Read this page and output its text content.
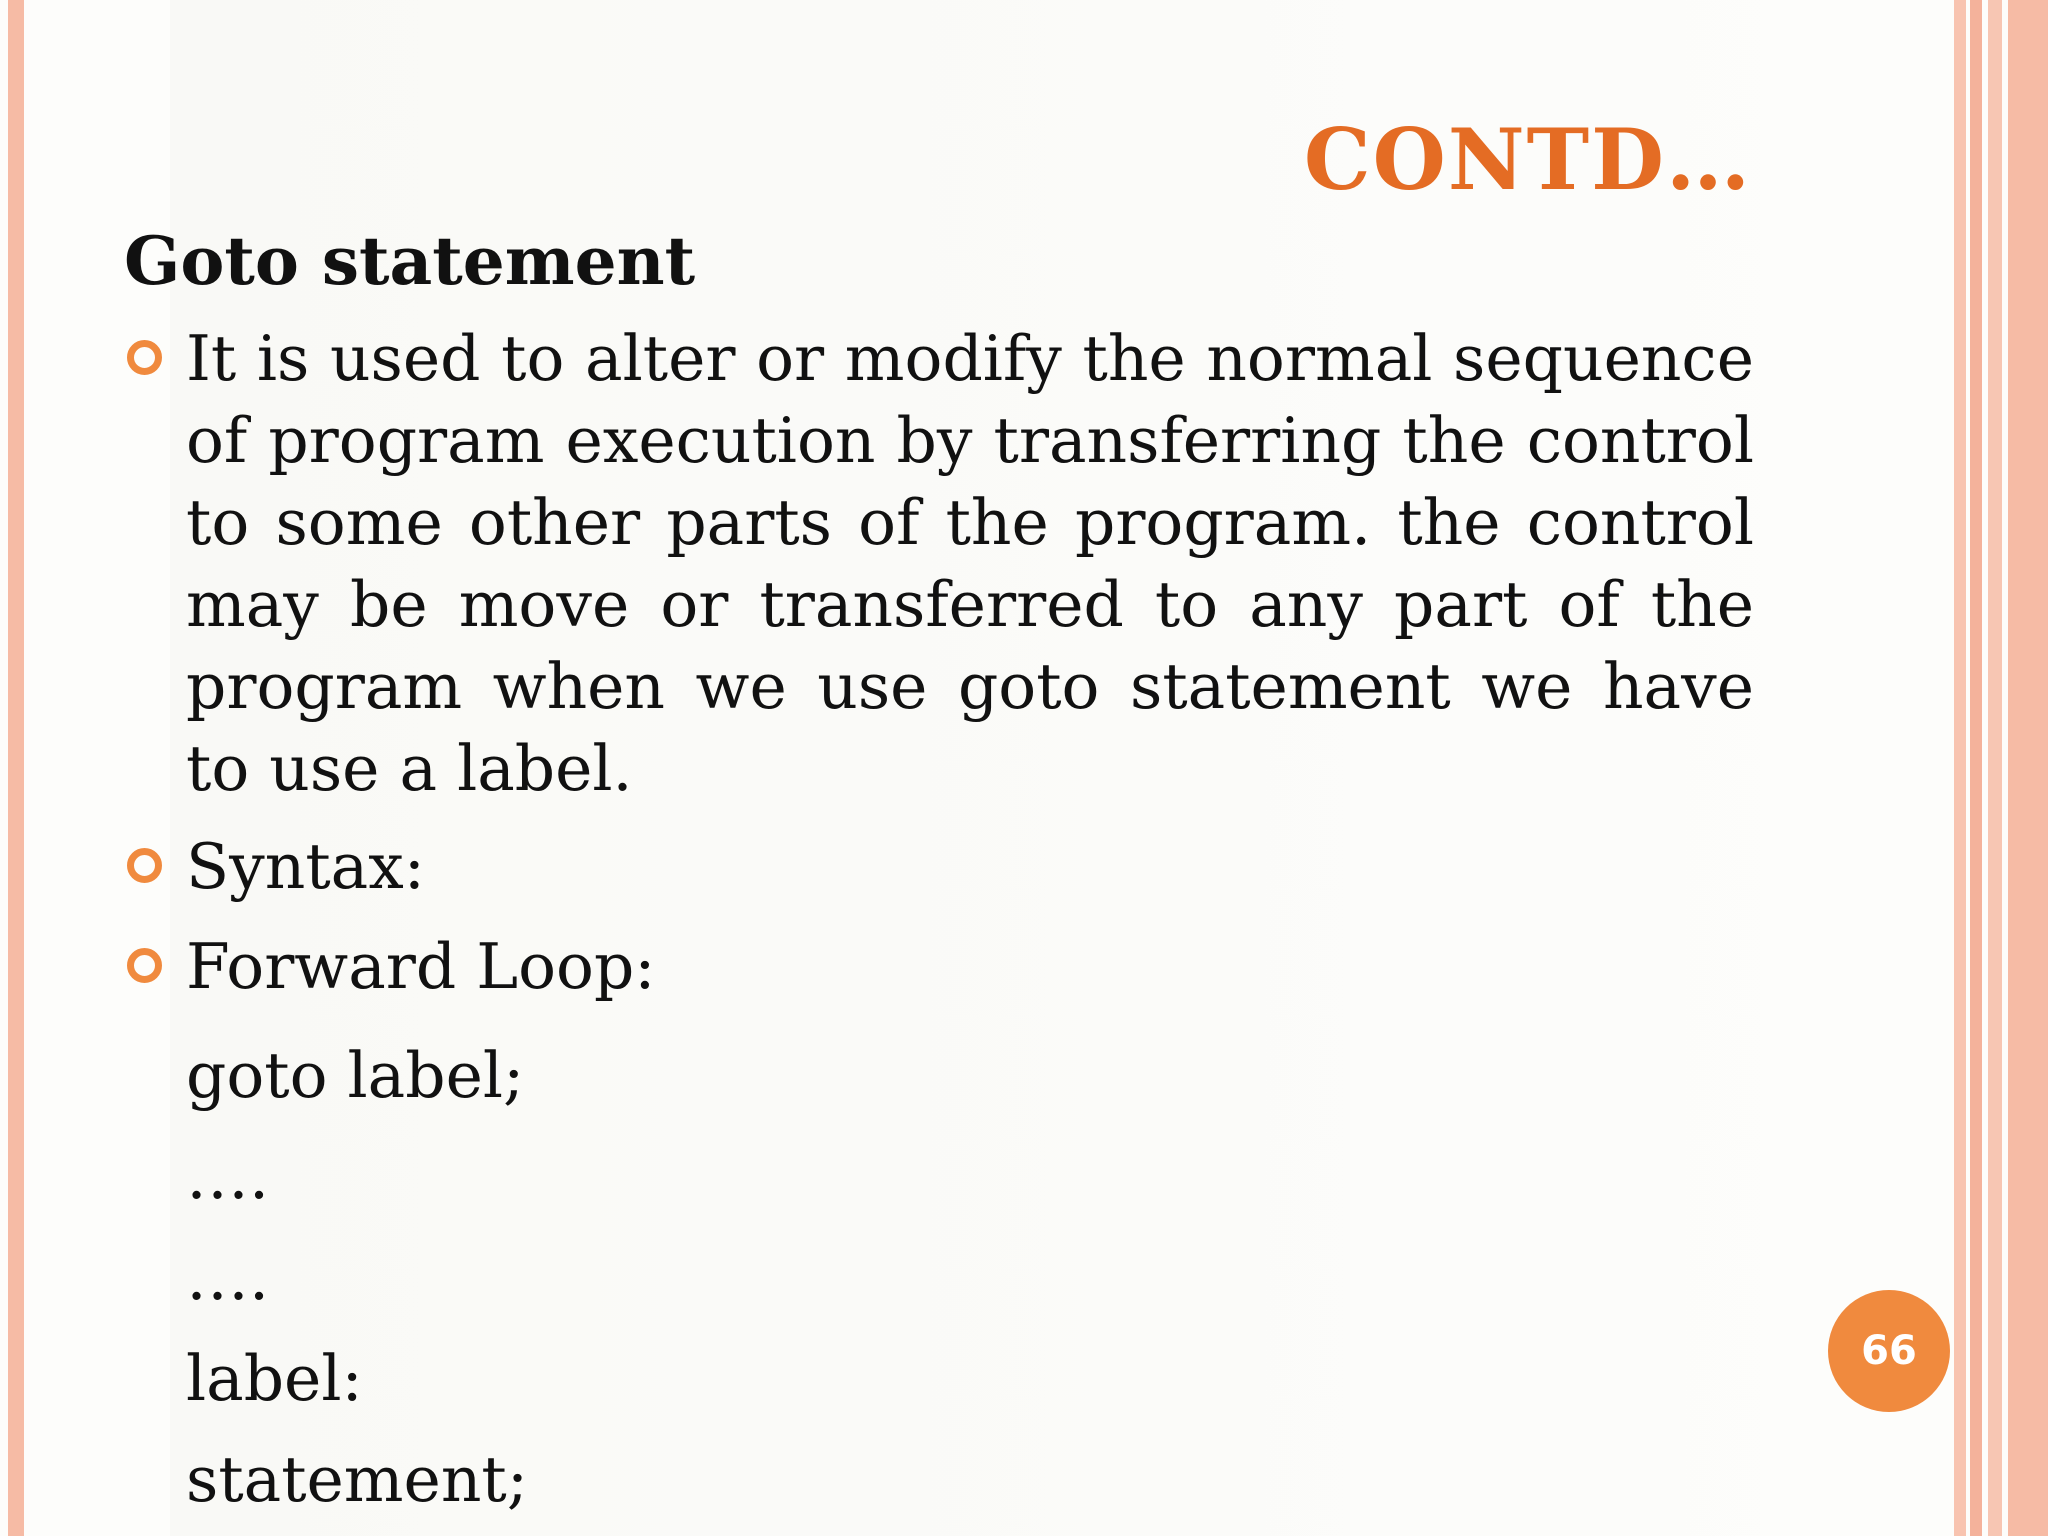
CONTD…
Goto statement
It is used to alter or modify the normal sequence of program execution by transferring the control to some other parts of the program. the control may be move or transferred to any part of the program when we use goto statement we have to use a label.
Syntax:
Forward Loop:
goto label;
….
….
label:
statement;
66
